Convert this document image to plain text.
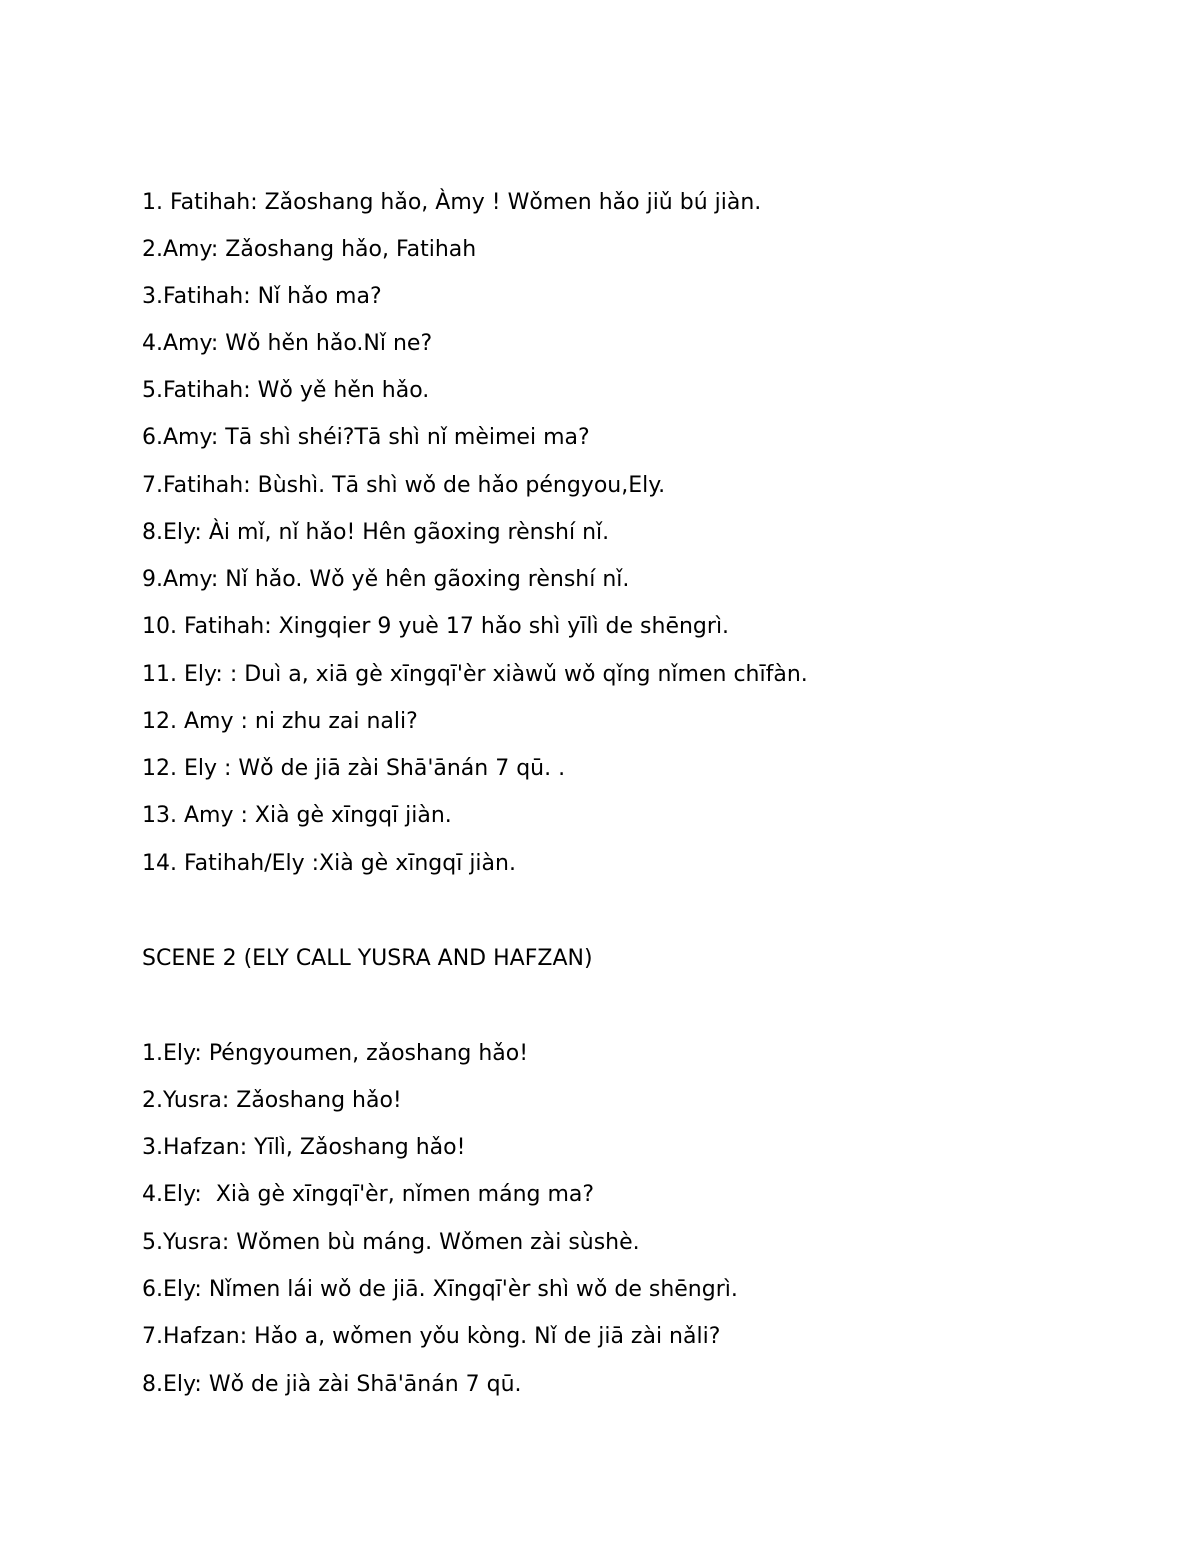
1. Fatihah: Zǎoshang hǎo, Àmy ! Wǒmen hǎo jiǔ bú jiàn.
2.Amy: Zǎoshang hǎo, Fatihah
3.Fatihah: Nǐ hǎo ma?
4.Amy: Wǒ hěn hǎo.Nǐ ne?
5.Fatihah: Wǒ yě hěn hǎo.
6.Amy: Tā shì shéi?Tā shì nǐ mèimei ma?
7.Fatihah: Bùshì. Tā shì wǒ de hǎo péngyou,Ely.
8.Ely: Ài mǐ, nǐ hǎo! Hên gãoxing rènshí nǐ.
9.Amy: Nǐ hǎo. Wǒ yě hên gãoxing rènshí nǐ.
10. Fatihah: Xingqier 9 yuè 17 hǎo shì yīlì de shēngrì.
11. Ely: : Duì a, xiā gè xīngqī'èr xiàwǔ wǒ qǐng nǐmen chīfàn.
12. Amy : ni zhu zai nali?
12. Ely : Wǒ de jiā zài Shā'ānán 7 qū. .
13. Amy : Xià gè xīngqī jiàn.
14. Fatihah/Ely :Xià gè xīngqī jiàn.
SCENE 2 (ELY CALL YUSRA AND HAFZAN)
1.Ely: Péngyoumen, zǎoshang hǎo!
2.Yusra: Zǎoshang hǎo!
3.Hafzan: Yīlì, Zǎoshang hǎo!
4.Ely:  Xià gè xīngqī'èr, nǐmen máng ma?
5.Yusra: Wǒmen bù máng. Wǒmen zài sùshè.
6.Ely: Nǐmen lái wǒ de jiā. Xīngqī'èr shì wǒ de shēngrì.
7.Hafzan: Hǎo a, wǒmen yǒu kòng. Nǐ de jiā zài nǎli?
8.Ely: Wǒ de jià zài Shā'ānán 7 qū.
